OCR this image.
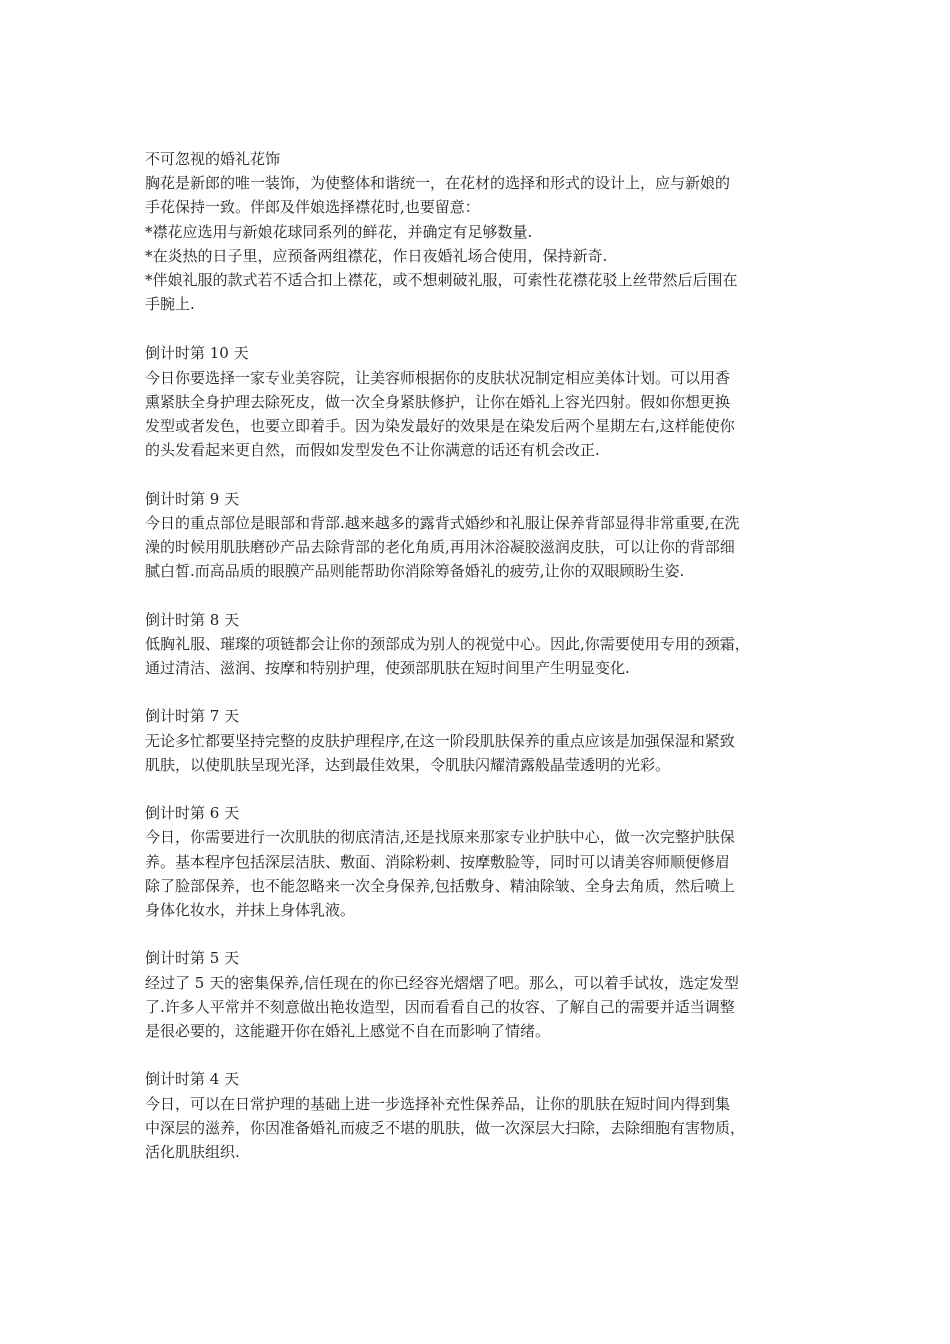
不可忽视的婚礼花饰
胸花是新郎的唯一装饰，为使整体和谐统一，在花材的选择和形式的设计上，应与新娘的
手花保持一致。伴郎及伴娘选择襟花时,也要留意：
*襟花应选用与新娘花球同系列的鲜花，并确定有足够数量.
*在炎热的日子里，应预备两组襟花，作日夜婚礼场合使用，保持新奇.
*伴娘礼服的款式若不适合扣上襟花，或不想刺破礼服，可索性花襟花驳上丝带然后后围在
手腕上.
倒计时第 10 天
今日你要选择一家专业美容院，让美容师根据你的皮肤状况制定相应美体计划。可以用香
熏紧肤全身护理去除死皮，做一次全身紧肤修护，让你在婚礼上容光四射。假如你想更换
发型或者发色，也要立即着手。因为染发最好的效果是在染发后两个星期左右,这样能使你
的头发看起来更自然，而假如发型发色不让你满意的话还有机会改正.
倒计时第 9 天
今日的重点部位是眼部和背部.越来越多的露背式婚纱和礼服让保养背部显得非常重要,在洗
澡的时候用肌肤磨砂产品去除背部的老化角质,再用沐浴凝胶滋润皮肤，可以让你的背部细
腻白皙.而高品质的眼膜产品则能帮助你消除筹备婚礼的疲劳,让你的双眼顾盼生姿.
倒计时第 8 天
低胸礼服、璀璨的项链都会让你的颈部成为别人的视觉中心。因此,你需要使用专用的颈霜，
通过清洁、滋润、按摩和特别护理，使颈部肌肤在短时间里产生明显变化.
倒计时第 7 天
无论多忙都要坚持完整的皮肤护理程序,在这一阶段肌肤保养的重点应该是加强保湿和紧致
肌肤，以使肌肤呈现光泽，达到最佳效果，令肌肤闪耀清露般晶莹透明的光彩。
倒计时第 6 天
今日，你需要进行一次肌肤的彻底清洁,还是找原来那家专业护肤中心，做一次完整护肤保
养。基本程序包括深层洁肤、敷面、消除粉刺、按摩敷脸等，同时可以请美容师顺便修眉
除了脸部保养，也不能忽略来一次全身保养,包括敷身、精油除皱、全身去角质，然后喷上
身体化妆水，并抹上身体乳液。
倒计时第 5 天
经过了 5 天的密集保养,信任现在的你已经容光熠熠了吧。那么，可以着手试妆，选定发型
了.许多人平常并不刻意做出艳妆造型，因而看看自己的妆容、了解自己的需要并适当调整
是很必要的，这能避开你在婚礼上感觉不自在而影响了情绪。
倒计时第 4 天
今日，可以在日常护理的基础上进一步选择补充性保养品，让你的肌肤在短时间内得到集
中深层的滋养，你因准备婚礼而疲乏不堪的肌肤，做一次深层大扫除，去除细胞有害物质，
活化肌肤组织.
